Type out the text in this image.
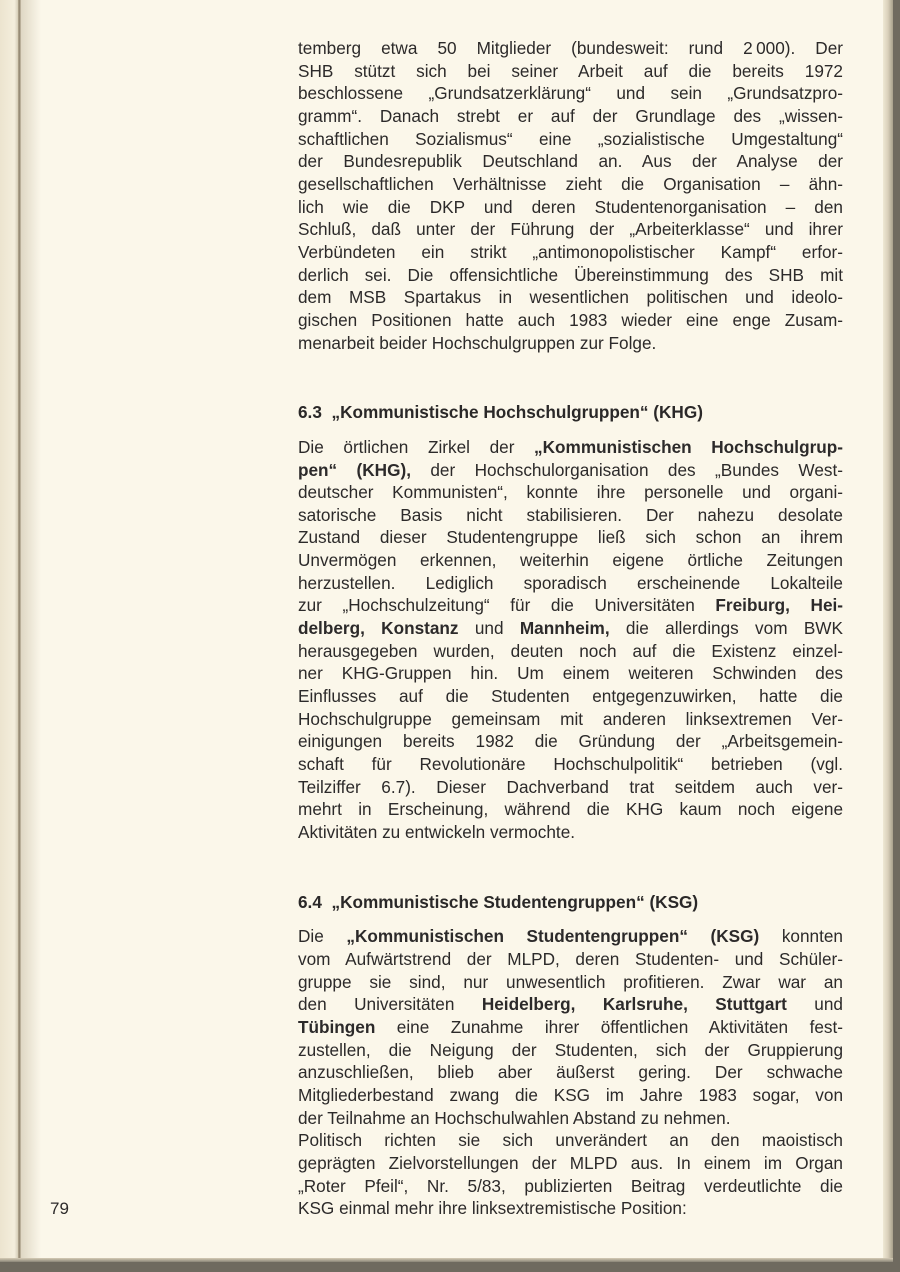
temberg etwa 50 Mitglieder (bundesweit: rund 2 000). Der
SHB stützt sich bei seiner Arbeit auf die bereits 1972
beschlossene „Grundsatzerklärung“ und sein „Grundsatzpro-
gramm“. Danach strebt er auf der Grundlage des „wissen-
schaftlichen Sozialismus“ eine „sozialistische Umgestaltung“
der Bundesrepublik Deutschland an. Aus der Analyse der
gesellschaftlichen Verhältnisse zieht die Organisation – ähn-
lich wie die DKP und deren Studentenorganisation – den
Schluß, daß unter der Führung der „Arbeiterklasse“ und ihrer
Verbündeten ein strikt „antimonopolistischer Kampf“ erfor-
derlich sei. Die offensichtliche Übereinstimmung des SHB mit
dem MSB Spartakus in wesentlichen politischen und ideolo-
gischen Positionen hatte auch 1983 wieder eine enge Zusam-
menarbeit beider Hochschulgruppen zur Folge.

6.3 „Kommunistische Hochschulgruppen“ (KHG)

Die örtlichen Zirkel der „Kommunistischen Hochschulgrup-
pen“ (KHG), der Hochschulorganisation des „Bundes West-
deutscher Kommunisten“, konnte ihre personelle und organi-
satorische Basis nicht stabilisieren. Der nahezu desolate
Zustand dieser Studentengruppe ließ sich schon an ihrem
Unvermögen erkennen, weiterhin eigene örtliche Zeitungen
herzustellen. Lediglich sporadisch erscheinende Lokalteile
zur „Hochschulzeitung“ für die Universitäten Freiburg, Hei-
delberg, Konstanz und Mannheim, die allerdings vom BWK
herausgegeben wurden, deuten noch auf die Existenz einzel-
ner KHG-Gruppen hin. Um einem weiteren Schwinden des
Einflusses auf die Studenten entgegenzuwirken, hatte die
Hochschulgruppe gemeinsam mit anderen linksextremen Ver-
einigungen bereits 1982 die Gründung der „Arbeitsgemein-
schaft für Revolutionäre Hochschulpolitik“ betrieben (vgl.
Teilziffer 6.7). Dieser Dachverband trat seitdem auch ver-
mehrt in Erscheinung, während die KHG kaum noch eigene
Aktivitäten zu entwickeln vermochte.

6.4 „Kommunistische Studentengruppen“ (KSG)

Die „Kommunistischen Studentengruppen“ (KSG) konnten
vom Aufwärtstrend der MLPD, deren Studenten- und Schüler-
gruppe sie sind, nur unwesentlich profitieren. Zwar war an
den Universitäten Heidelberg, Karlsruhe, Stuttgart und
Tübingen eine Zunahme ihrer öffentlichen Aktivitäten fest-
zustellen, die Neigung der Studenten, sich der Gruppierung
anzuschließen, blieb aber äußerst gering. Der schwache
Mitgliederbestand zwang die KSG im Jahre 1983 sogar, von
der Teilnahme an Hochschulwahlen Abstand zu nehmen.

Politisch richten sie sich unverändert an den maoistisch
geprägten Zielvorstellungen der MLPD aus. In einem im Organ
„Roter Pfeil“, Nr. 5/83, publizierten Beitrag verdeutlichte die
KSG einmal mehr ihre linksextremistische Position:

79
